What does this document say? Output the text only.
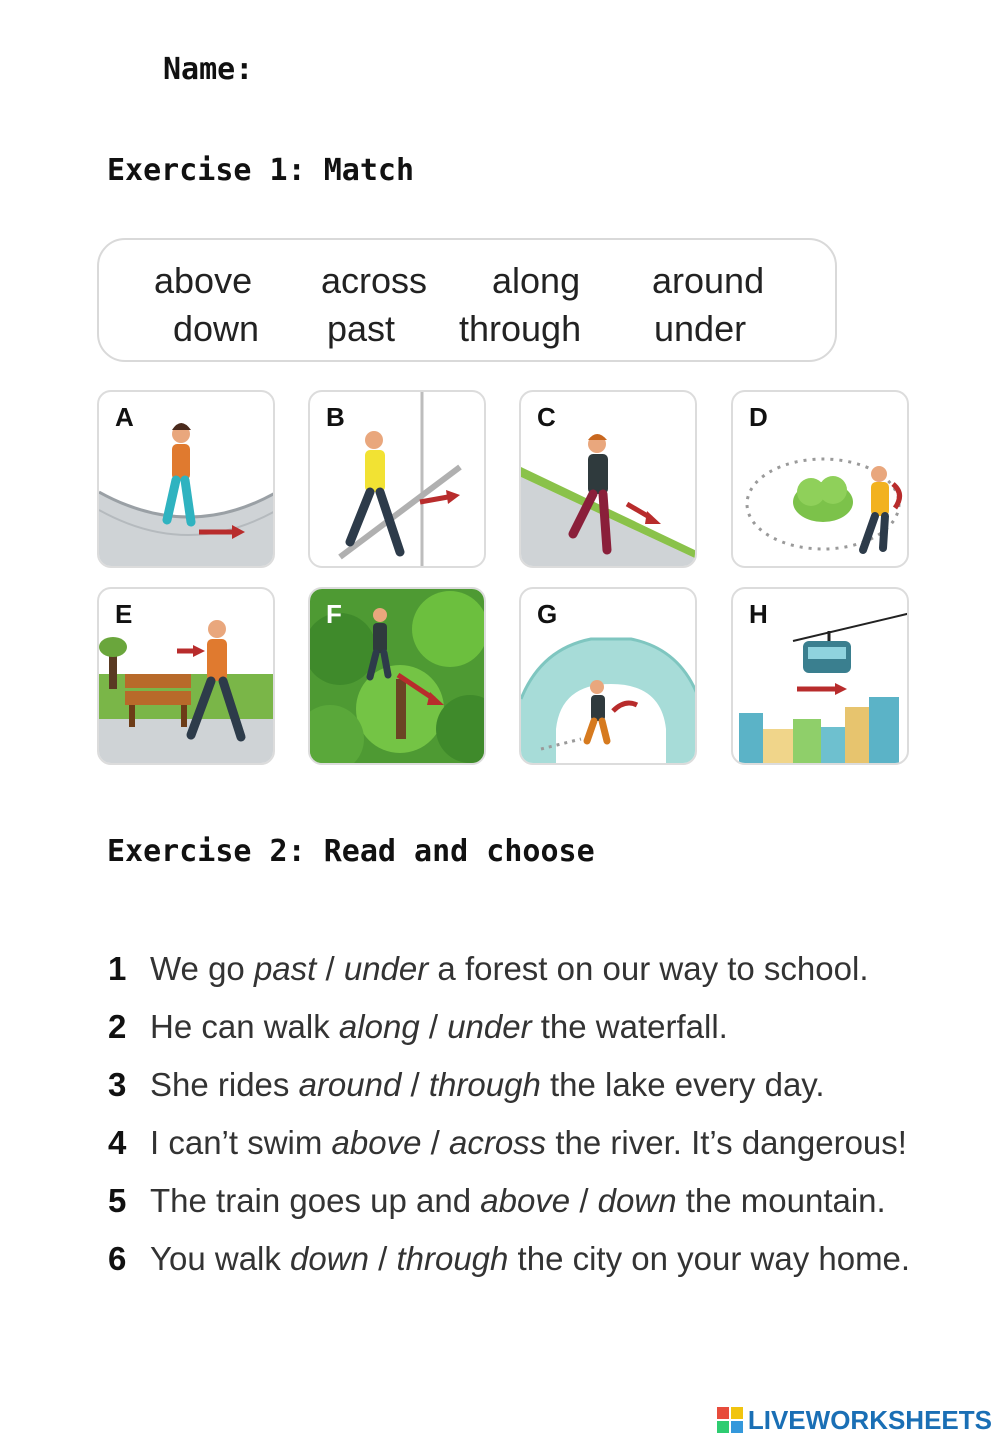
Name:
Exercise 1: Match
above across along around
down past through under
A	B	C	D
E	F	G	H
Exercise 2: Read and choose
1 We go past / under a forest on our way to school.
2 He can walk along / under the waterfall.
3 She rides around / through the lake every day.
4 I can’t swim above / across the river. It’s dangerous!
5 The train goes up and above / down the mountain.
6 You walk down / through the city on your way home.
LIVEWORKSHEETS
